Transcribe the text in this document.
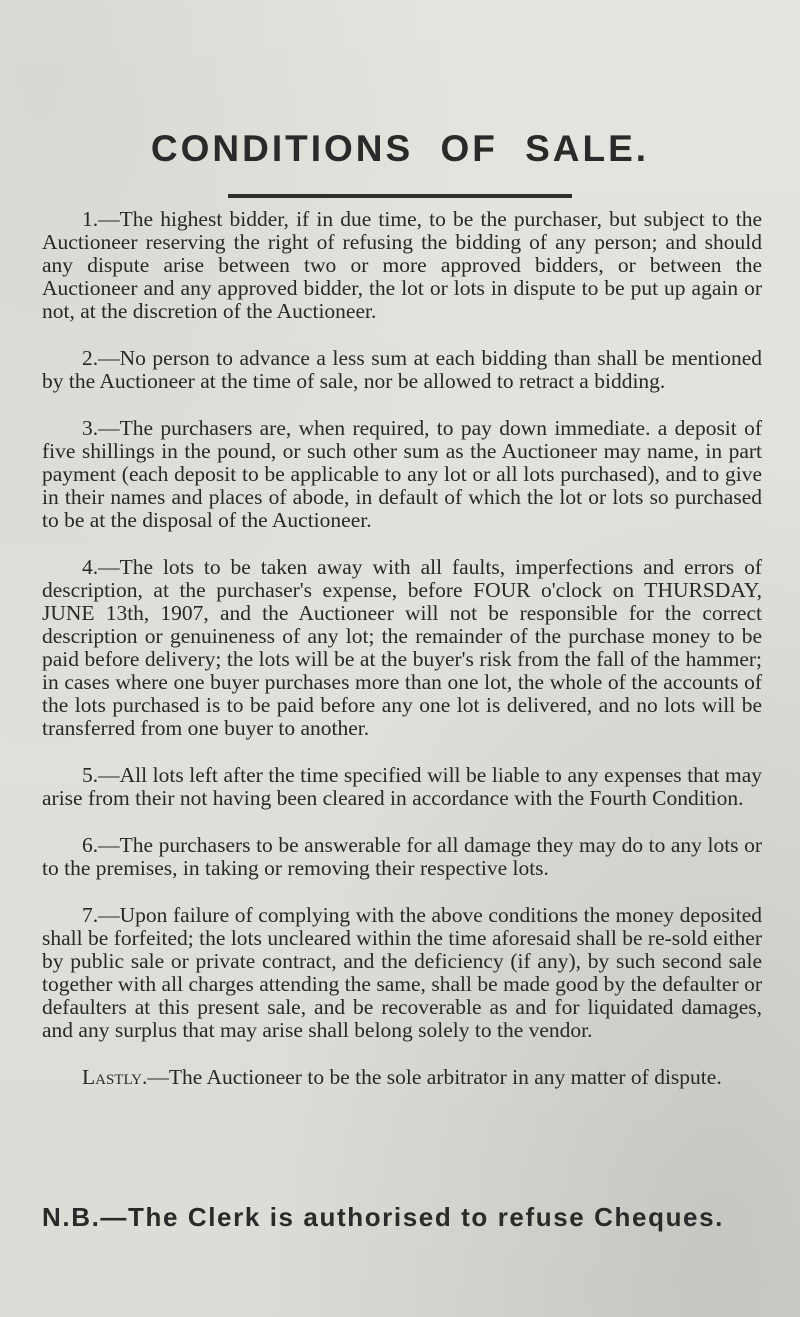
CONDITIONS OF SALE.

1.—The highest bidder, if in due time, to be the purchaser, but subject to the Auctioneer reserving the right of refusing the bidding of any person; and should any dispute arise between two or more approved bidders, or between the Auctioneer and any approved bidder, the lot or lots in dispute to be put up again or not, at the discretion of the Auctioneer.

2.—No person to advance a less sum at each bidding than shall be mentioned by the Auctioneer at the time of sale, nor be allowed to retract a bidding.

3.—The purchasers are, when required, to pay down immediate. a deposit of five shillings in the pound, or such other sum as the Auctioneer may name, in part payment (each deposit to be applicable to any lot or all lots purchased), and to give in their names and places of abode, in default of which the lot or lots so purchased to be at the disposal of the Auctioneer.

4.—The lots to be taken away with all faults, imperfections and errors of description, at the purchaser's expense, before FOUR o'clock on THURSDAY, JUNE 13th, 1907, and the Auctioneer will not be responsible for the correct description or genuineness of any lot; the remainder of the purchase money to be paid before delivery; the lots will be at the buyer's risk from the fall of the hammer; in cases where one buyer purchases more than one lot, the whole of the accounts of the lots purchased is to be paid before any one lot is delivered, and no lots will be transferred from one buyer to another.

5.—All lots left after the time specified will be liable to any expenses that may arise from their not having been cleared in accordance with the Fourth Condition.

6.—The purchasers to be answerable for all damage they may do to any lots or to the premises, in taking or removing their respective lots.

7.—Upon failure of complying with the above conditions the money deposited shall be forfeited; the lots uncleared within the time aforesaid shall be re-sold either by public sale or private contract, and the deficiency (if any), by such second sale together with all charges attending the same, shall be made good by the defaulter or defaulters at this present sale, and be recoverable as and for liquidated damages, and any surplus that may arise shall belong solely to the vendor.

Lastly.—The Auctioneer to be the sole arbitrator in any matter of dispute.

N.B.—The Clerk is authorised to refuse Cheques.
